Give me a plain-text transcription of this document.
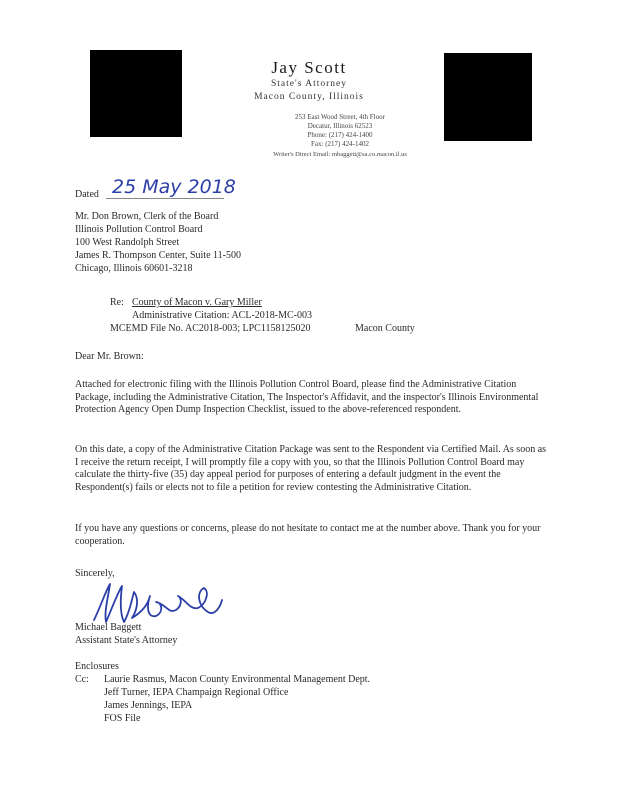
Jay Scott
State's Attorney
Macon County, Illinois
253 East Wood Street, 4th Floor
Decatur, Illinois 62523
Phone: (217) 424-1400
Fax: (217) 424-1402
Writer's Direct Email: mbaggett@sa.co.macon.il.us
Dated 25 May 2018
Mr. Don Brown, Clerk of the Board
Illinois Pollution Control Board
100 West Randolph Street
James R. Thompson Center, Suite 11-500
Chicago, Illinois 60601-3218
Re: County of Macon v. Gary Miller
Administrative Citation: ACL-2018-MC-003
MCEMD File No. AC2018-003; LPC1158125020	Macon County
Dear Mr. Brown:

Attached for electronic filing with the Illinois Pollution Control Board, please find the Administrative Citation Package, including the Administrative Citation, The Inspector's Affidavit, and the inspector's Illinois Environmental Protection Agency Open Dump Inspection Checklist, issued to the above-referenced respondent.

On this date, a copy of the Administrative Citation Package was sent to the Respondent via Certified Mail. As soon as I receive the return receipt, I will promptly file a copy with you, so that the Illinois Pollution Control Board may calculate the thirty-five (35) day appeal period for purposes of entering a default judgment in the event the Respondent(s) fails or elects not to file a petition for review contesting the Administrative Citation.

If you have any questions or concerns, please do not hesitate to contact me at the number above. Thank you for your cooperation.

Sincerely,
Michael Baggett
Assistant State's Attorney
Enclosures
Cc: Laurie Rasmus, Macon County Environmental Management Dept.
Jeff Turner, IEPA Champaign Regional Office
James Jennings, IEPA
FOS File
